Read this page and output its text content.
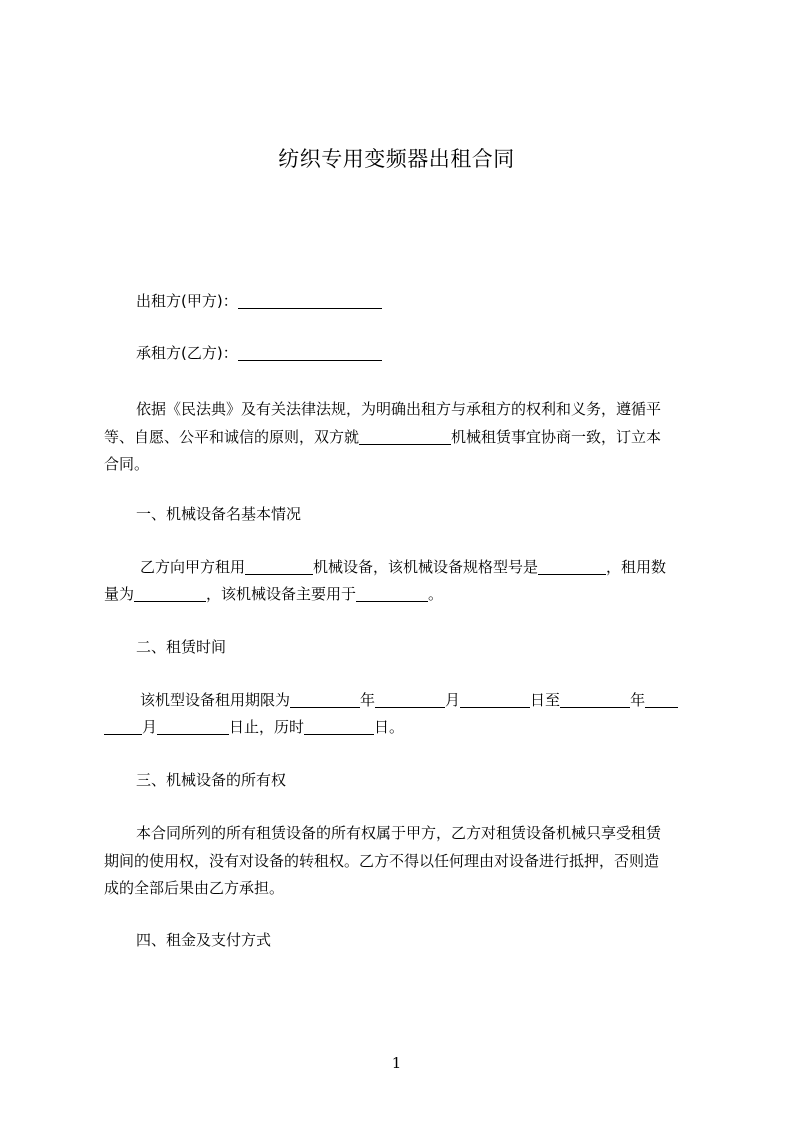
纺织专用变频器出租合同
出租方(甲方)：
承租方(乙方)：
依据《民法典》及有关法律法规，为明确出租方与承租方的权利和义务，遵循平
等、自愿、公平和诚信的原则，双方就	机械租赁事宜协商一致，订立本
合同。
一、机械设备名基本情况
乙方向甲方租用	机械设备，该机械设备规格型号是	，租用数
量为	，该机械设备主要用于	。
二、租赁时间
该机型设备租用期限为	年	月	日至	年
月	日止，历时	日。
三、机械设备的所有权
本合同所列的所有租赁设备的所有权属于甲方，乙方对租赁设备机械只享受租赁
期间的使用权，没有对设备的转租权。乙方不得以任何理由对设备进行抵押，否则造
成的全部后果由乙方承担。
四、租金及支付方式
1
